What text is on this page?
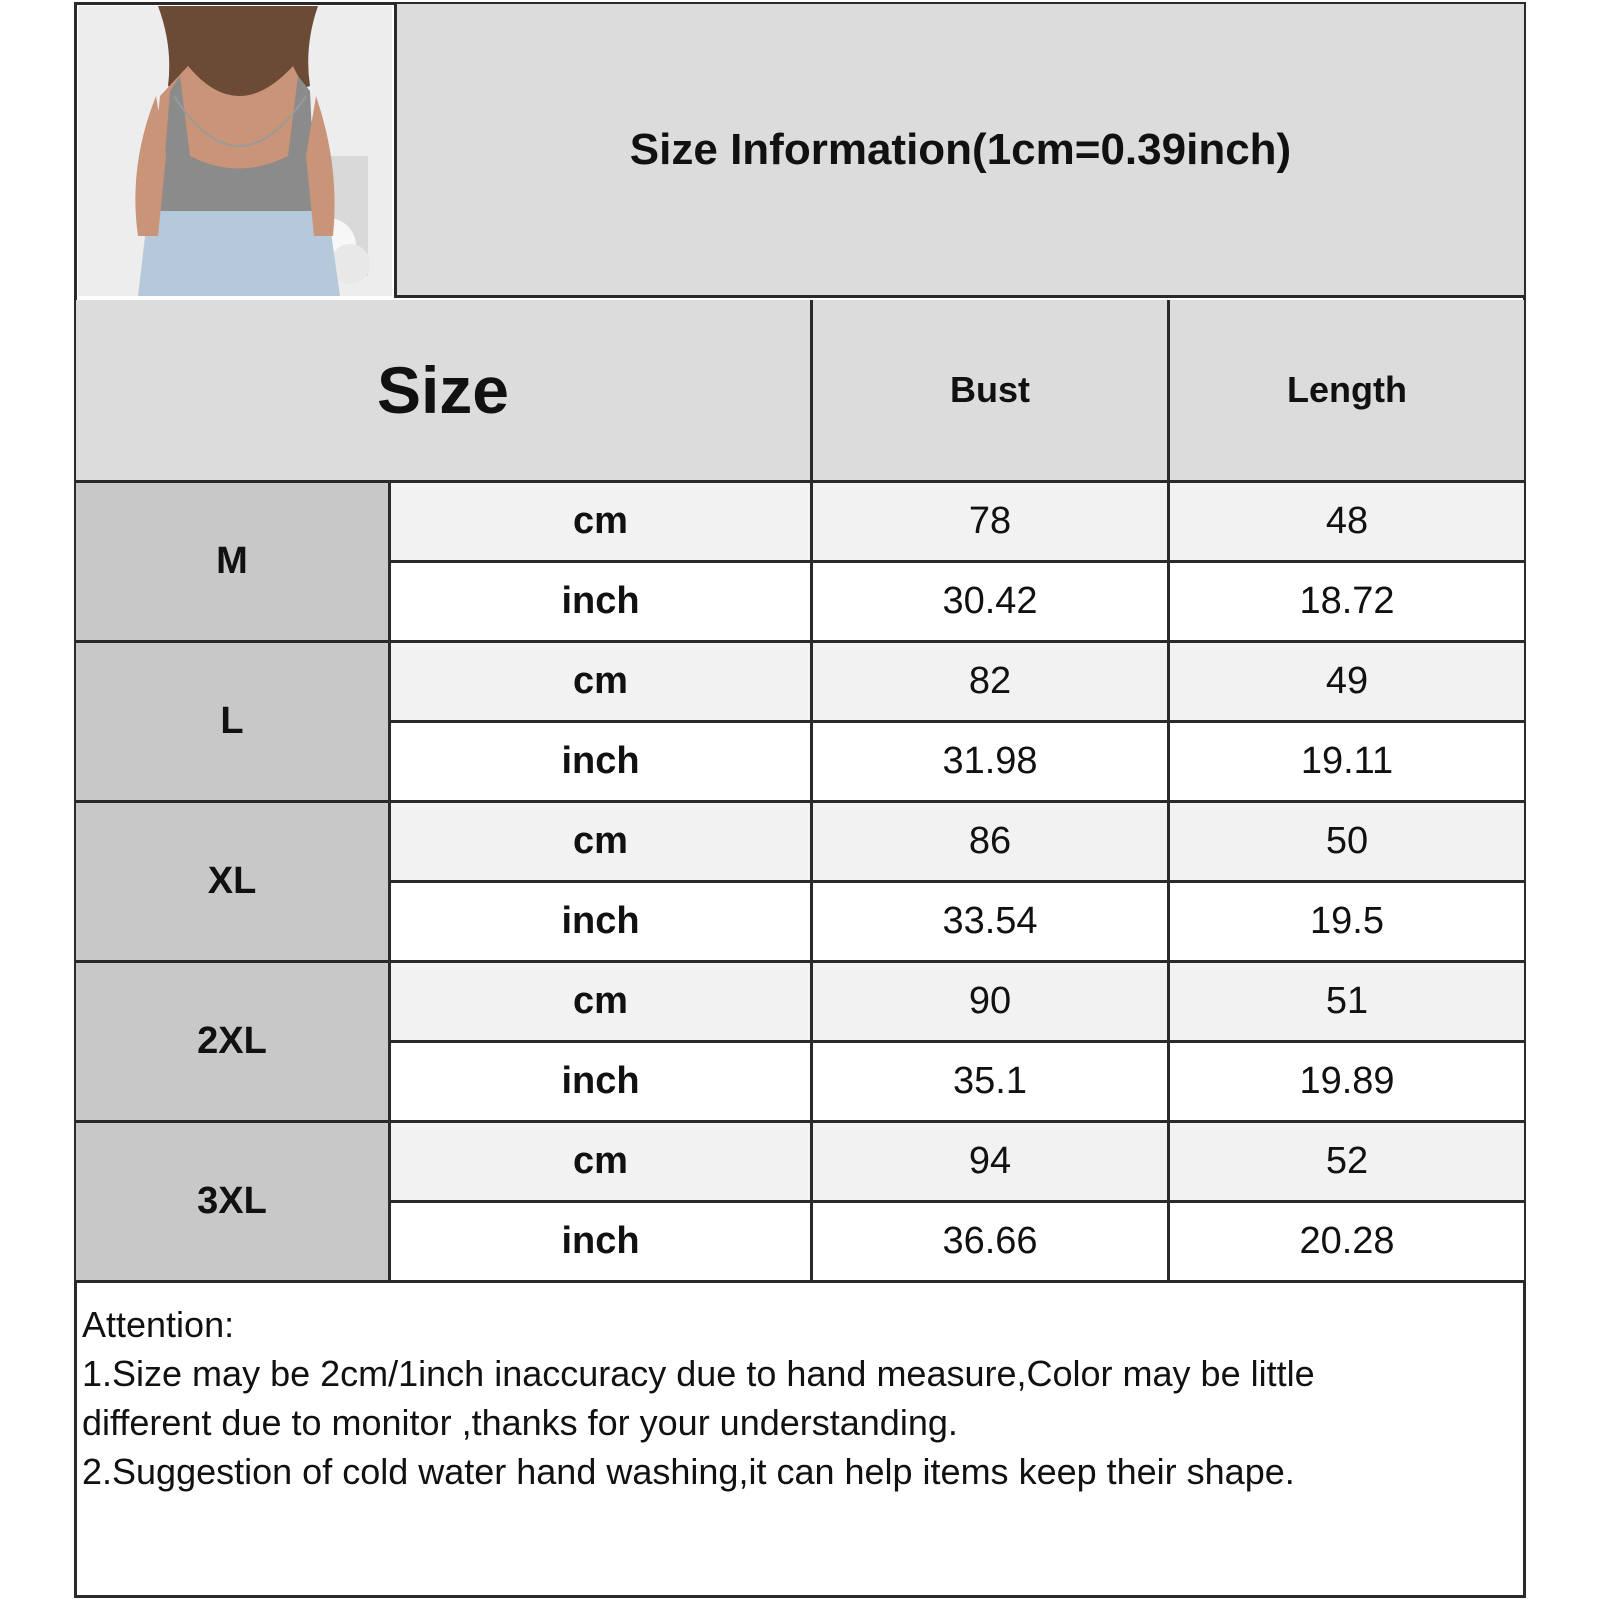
Size Information(1cm=0.39inch)
Size	Bust	Length
M
cm	78	48
inch	30.42	18.72
L
cm	82	49
inch	31.98	19.11
XL
cm	86	50
inch	33.54	19.5
2XL
cm	90	51
inch	35.1	19.89
3XL
cm	94	52
inch	36.66	20.28
Attention:
1.Size may be 2cm/1inch inaccuracy due to hand measure,Color may be little
different due to monitor ,thanks for your understanding.
2.Suggestion of cold water hand washing,it can help items keep their shape.
